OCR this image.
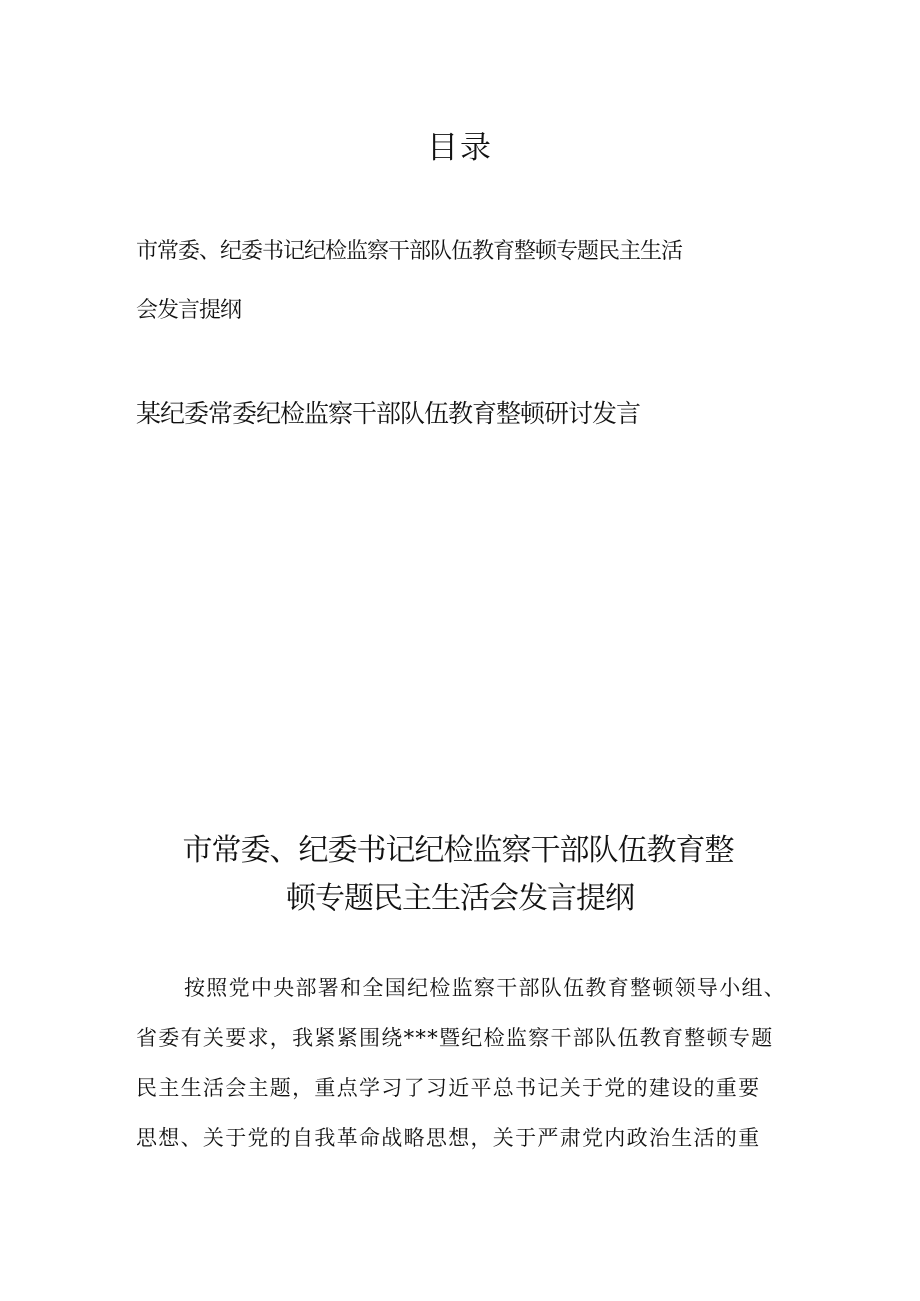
目录
市常委、纪委书记纪检监察干部队伍教育整顿专题民主生活
会发言提纲
某纪委常委纪检监察干部队伍教育整顿研讨发言
市常委、纪委书记纪检监察干部队伍教育整
顿专题民主生活会发言提纲
按照党中央部署和全国纪检监察干部队伍教育整顿领导小组、
省委有关要求，我紧紧围绕***暨纪检监察干部队伍教育整顿专题
民主生活会主题，重点学习了习近平总书记关于党的建设的重要
思想、关于党的自我革命战略思想，关于严肃党内政治生活的重
